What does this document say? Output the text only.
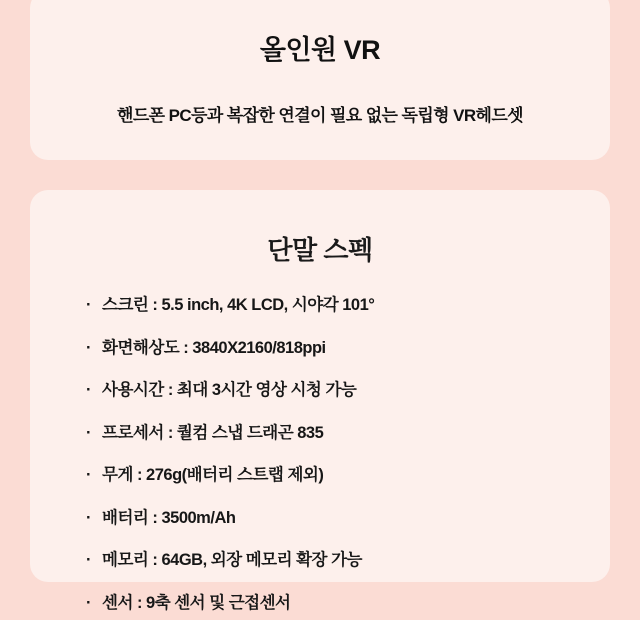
올인원 VR

핸드폰 PC등과 복잡한 연결이 필요 없는 독립형 VR헤드셋

단말 스펙
· 스크린 : 5.5 inch, 4K LCD, 시야각 101°
· 화면해상도 : 3840X2160/818ppi
· 사용시간 : 최대 3시간 영상 시청 가능
· 프로세서 : 퀄컴 스냅 드래곤 835
· 무게 : 276g(배터리 스트랩 제외)
· 배터리 : 3500m/Ah
· 메모리 : 64GB, 외장 메모리 확장 가능
· 센서 : 9축 센서 및 근접센서
